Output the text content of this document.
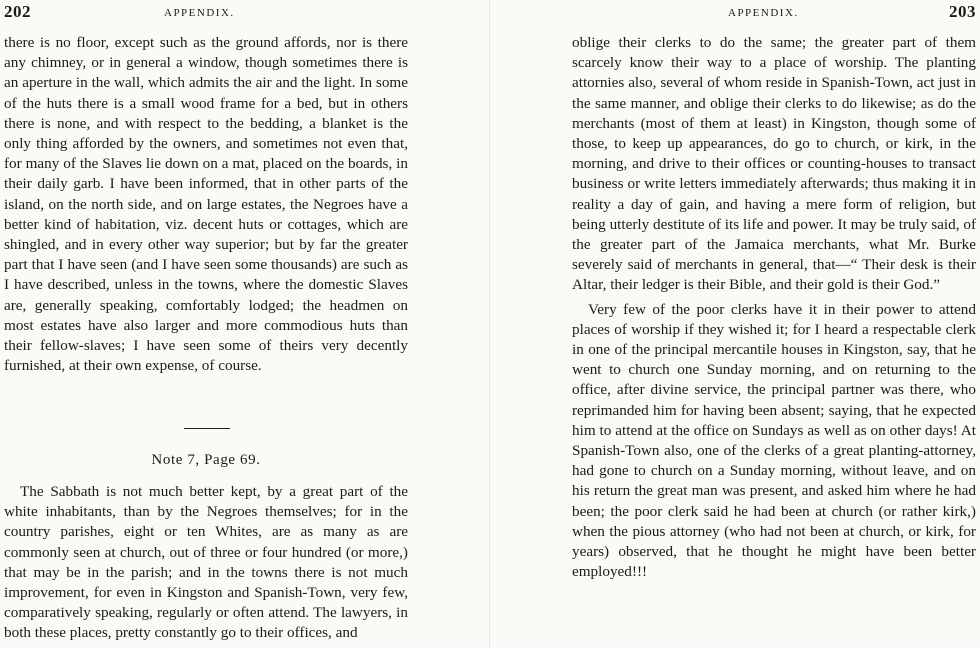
202	APPENDIX.

there is no floor, except such as the ground affords, nor is there any chimney, or in general a window, though sometimes there is an aperture in the wall, which admits the air and the light. In some of the huts there is a small wood frame for a bed, but in others there is none, and with respect to the bedding, a blanket is the only thing afforded by the owners, and sometimes not even that, for many of the Slaves lie down on a mat, placed on the boards, in their daily garb. I have been informed, that in other parts of the island, on the north side, and on large estates, the Negroes have a better kind of habitation, viz. decent huts or cottages, which are shingled, and in every other way superior; but by far the greater part that I have seen (and I have seen some thousands) are such as I have described, unless in the towns, where the domestic Slaves are, generally speaking, comfortably lodged; the headmen on most estates have also larger and more commodious huts than their fellow-slaves; I have seen some of theirs very decently furnished, at their own expense, of course.

Note 7, Page 69.

The Sabbath is not much better kept, by a great part of the white inhabitants, than by the Negroes themselves; for in the country parishes, eight or ten Whites, are as many as are commonly seen at church, out of three or four hundred (or more,) that may be in the parish; and in the towns there is not much improvement, for even in Kingston and Spanish-Town, very few, comparatively speaking, regularly or often attend. The lawyers, in both these places, pretty constantly go to their offices, and

APPENDIX.	203

oblige their clerks to do the same; the greater part of them scarcely know their way to a place of worship. The planting attornies also, several of whom reside in Spanish-Town, act just in the same manner, and oblige their clerks to do likewise; as do the merchants (most of them at least) in Kingston, though some of those, to keep up appearances, do go to church, or kirk, in the morning, and drive to their offices or counting-houses to transact business or write letters immediately afterwards; thus making it in reality a day of gain, and having a mere form of religion, but being utterly destitute of its life and power. It may be truly said, of the greater part of the Jamaica merchants, what Mr. Burke severely said of merchants in general, that—“ Their desk is their Altar, their ledger is their Bible, and their gold is their God.”

Very few of the poor clerks have it in their power to attend places of worship if they wished it; for I heard a respectable clerk in one of the principal mercantile houses in Kingston, say, that he went to church one Sunday morning, and on returning to the office, after divine service, the principal partner was there, who reprimanded him for having been absent; saying, that he expected him to attend at the office on Sundays as well as on other days! At Spanish-Town also, one of the clerks of a great planting-attorney, had gone to church on a Sunday morning, without leave, and on his return the great man was present, and asked him where he had been; the poor clerk said he had been at church (or rather kirk,) when the pious attorney (who had not been at church, or kirk, for years) observed, that he thought he might have been better employed!!!
